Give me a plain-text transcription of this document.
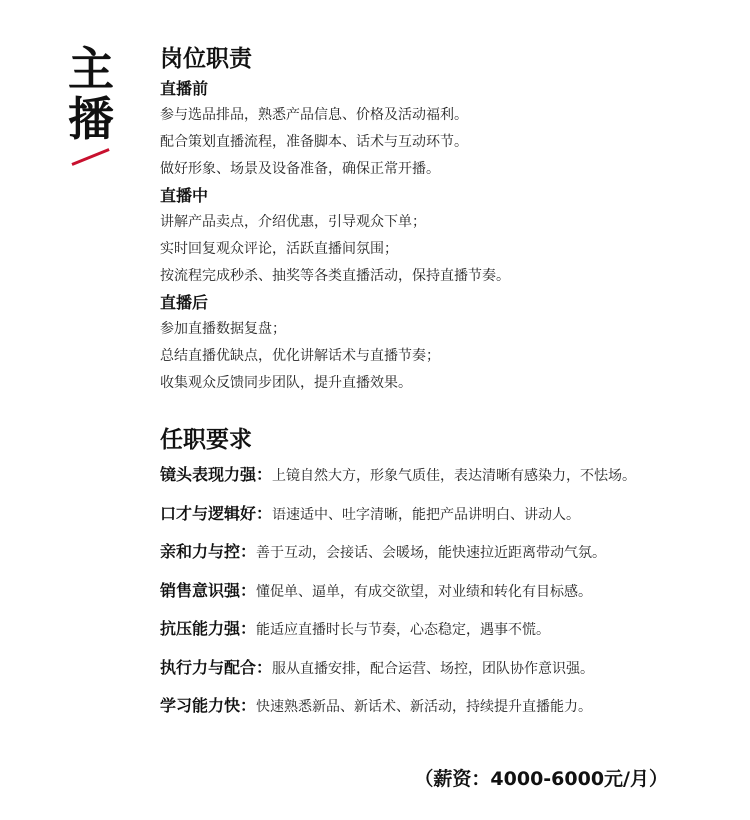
主
播
岗位职责
直播前
参与选品排品，熟悉产品信息、价格及活动福利。
配合策划直播流程，准备脚本、话术与互动环节。
做好形象、场景及设备准备，确保正常开播。
直播中
讲解产品卖点，介绍优惠，引导观众下单；
实时回复观众评论，活跃直播间氛围；
按流程完成秒杀、抽奖等各类直播活动，保持直播节奏。
直播后
参加直播数据复盘；
总结直播优缺点，优化讲解话术与直播节奏；
收集观众反馈同步团队，提升直播效果。
任职要求
镜头表现力强：上镜自然大方，形象气质佳，表达清晰有感染力，不怯场。
口才与逻辑好：语速适中、吐字清晰，能把产品讲明白、讲动人。
亲和力与控：善于互动，会接话、会暖场，能快速拉近距离带动气氛。
销售意识强：懂促单、逼单，有成交欲望，对业绩和转化有目标感。
抗压能力强：能适应直播时长与节奏，心态稳定，遇事不慌。
执行力与配合：服从直播安排，配合运营、场控，团队协作意识强。
学习能力快：快速熟悉新品、新话术、新活动，持续提升直播能力。
（薪资：4000-6000元/月）
